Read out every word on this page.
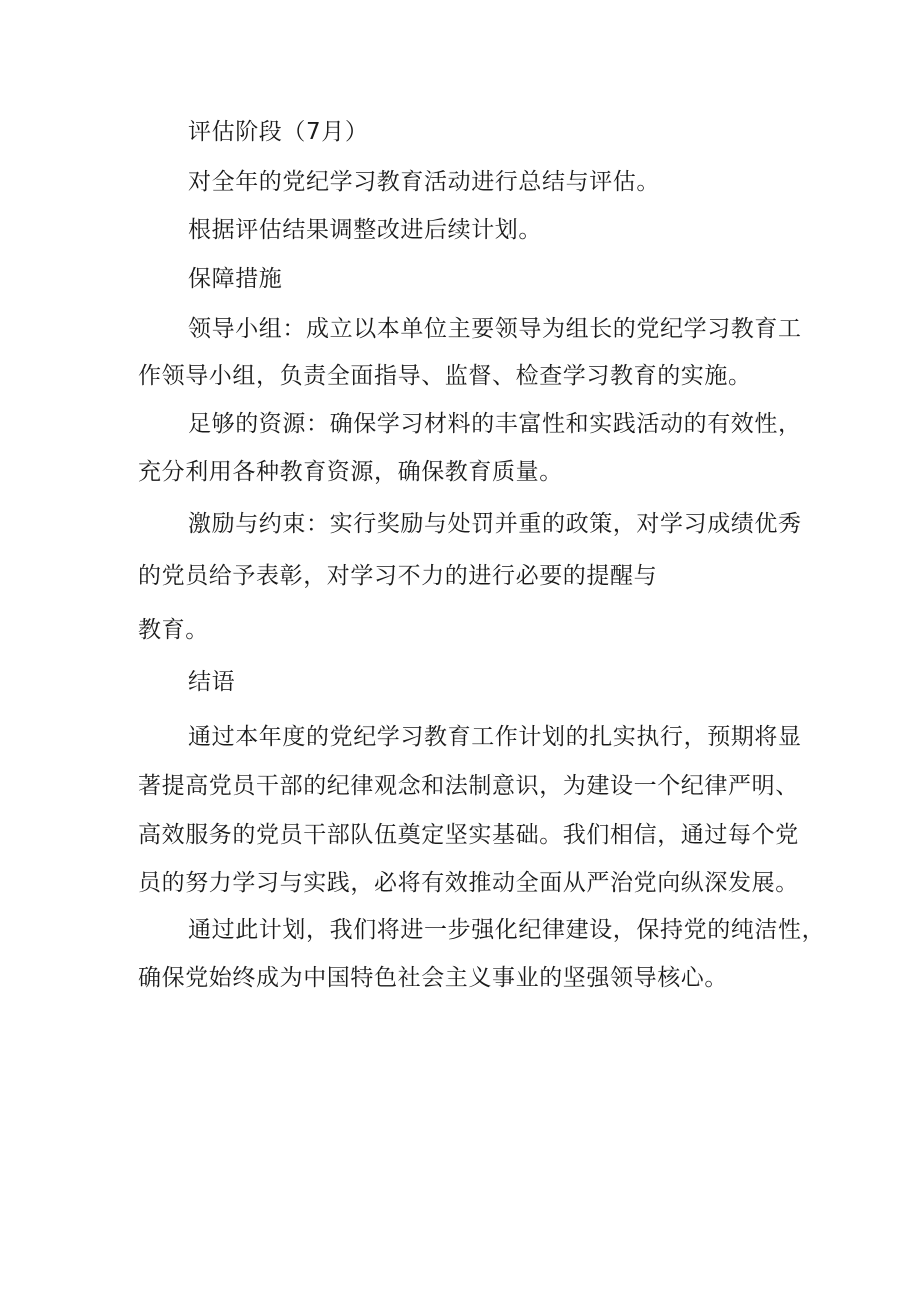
评估阶段（7月）
对全年的党纪学习教育活动进行总结与评估。
根据评估结果调整改进后续计划。
保障措施
领导小组：成立以本单位主要领导为组长的党纪学习教育工
作领导小组，负责全面指导、监督、检查学习教育的实施。
足够的资源：确保学习材料的丰富性和实践活动的有效性，
充分利用各种教育资源，确保教育质量。
激励与约束：实行奖励与处罚并重的政策，对学习成绩优秀
的党员给予表彰，对学习不力的进行必要的提醒与
教育。
结语
通过本年度的党纪学习教育工作计划的扎实执行，预期将显
著提高党员干部的纪律观念和法制意识，为建设一个纪律严明、
高效服务的党员干部队伍奠定坚实基础。我们相信，通过每个党
员的努力学习与实践，必将有效推动全面从严治党向纵深发展。
通过此计划，我们将进一步强化纪律建设，保持党的纯洁性，
确保党始终成为中国特色社会主义事业的坚强领导核心。
